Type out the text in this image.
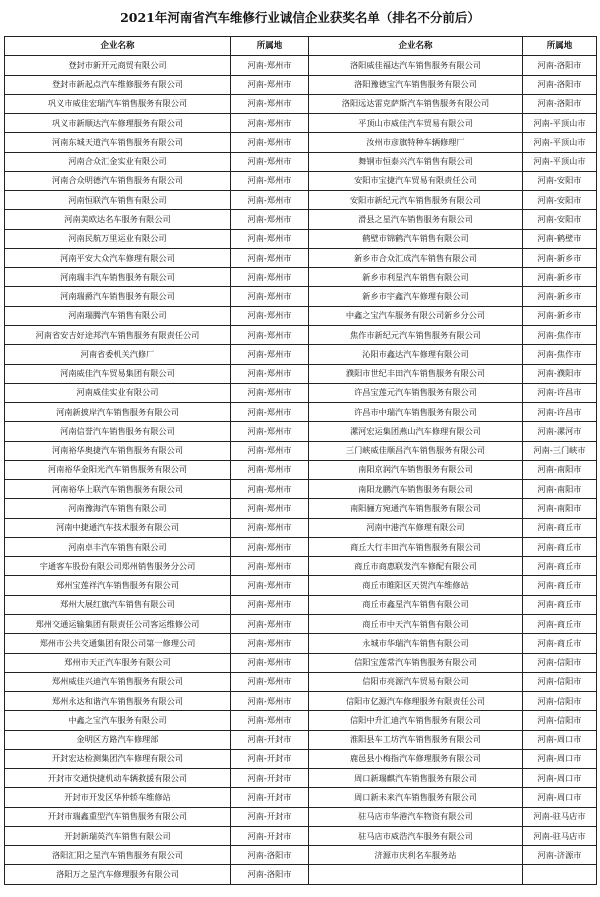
2021年河南省汽车维修行业诚信企业获奖名单（排名不分前后）
企业名称	所属地	企业名称	所属地
登封市新开元商贸有限公司	河南-郑州市	洛阳威佳福达汽车销售服务有限公司	河南-洛阳市
登封市新起点汽车维修服务有限公司	河南-郑州市	洛阳豫德宝汽车销售服务有限公司	河南-洛阳市
巩义市威佳宏瑞汽车销售服务有限公司	河南-郑州市	洛阳远达雷克萨斯汽车销售服务有限公司	河南-洛阳市
巩义市新顺达汽车修理服务有限公司	河南-郑州市	平顶山市威佳汽车贸易有限公司	河南-平顶山市
河南东城天道汽车销售服务有限公司	河南-郑州市	汝州市彦旗特种车辆修理厂	河南-平顶山市
河南合众汇金实业有限公司	河南-郑州市	舞钢市恒泰兴汽车销售有限公司	河南-平顶山市
河南合众明德汽车销售服务有限公司	河南-郑州市	安阳市宝捷汽车贸易有限责任公司	河南-安阳市
河南恒联汽车销售有限公司	河南-郑州市	安阳市新纪元汽车销售服务有限公司	河南-安阳市
河南美欧达名车服务有限公司	河南-郑州市	滑县之星汽车销售服务有限公司	河南-安阳市
河南民航万里运业有限公司	河南-郑州市	鹤壁市锦鹤汽车销售有限公司	河南-鹤壁市
河南平安大众汽车修理有限公司	河南-郑州市	新乡市合众汇成汽车销售有限公司	河南-新乡市
河南瑞丰汽车销售服务有限公司	河南-郑州市	新乡市利星汽车销售有限公司	河南-新乡市
河南瑞爵汽车销售服务有限公司	河南-郑州市	新乡市宇鑫汽车修理有限公司	河南-新乡市
河南瑞腾汽车销售有限公司	河南-郑州市	中鑫之宝汽车服务有限公司新乡分公司	河南-新乡市
河南省安吉好途邦汽车销售服务有限责任公司	河南-郑州市	焦作市新纪元汽车销售服务有限公司	河南-焦作市
河南省委机关汽修厂	河南-郑州市	沁阳市鑫达汽车修理有限公司	河南-焦作市
河南威佳汽车贸易集团有限公司	河南-郑州市	濮阳市世纪丰田汽车销售服务有限公司	河南-濮阳市
河南威佳实业有限公司	河南-郑州市	许昌宝莲元汽车销售服务有限公司	河南-许昌市
河南新披岸汽车销售服务有限公司	河南-郑州市	许昌市中瑞汽车销售服务有限公司	河南-许昌市
河南信誉汽车销售服务有限公司	河南-郑州市	漯河宏运集团燕山汽车修理有限公司	河南-漯河市
河南裕华奥捷汽车销售服务有限公司	河南-郑州市	三门峡威佳顺昌汽车销售服务有限公司	河南-三门峡市
河南裕华金阳光汽车销售服务有限公司	河南-郑州市	南阳京润汽车销售服务有限公司	河南-南阳市
河南裕华上联汽车销售服务有限公司	河南-郑州市	南阳龙鹏汽车销售服务有限公司	河南-南阳市
河南豫海汽车销售有限公司	河南-郑州市	南阳骊方宛通汽车销售服务有限公司	河南-南阳市
河南中捷通汽车技术服务有限公司	河南-郑州市	河南中港汽车修理有限公司	河南-商丘市
河南卓丰汽车销售有限公司	河南-郑州市	商丘大行丰田汽车销售服务有限公司	河南-商丘市
宇通客车股份有限公司郑州销售服务分公司	河南-郑州市	商丘市商惠联发汽车修配有限公司	河南-商丘市
郑州宝莲祥汽车销售服务有限公司	河南-郑州市	商丘市睢阳区天贺汽车维修站	河南-商丘市
郑州大展红旗汽车销售有限公司	河南-郑州市	商丘市鑫星汽车销售有限公司	河南-商丘市
郑州交通运输集团有限责任公司客运维修公司	河南-郑州市	商丘市中天汽车销售有限公司	河南-商丘市
郑州市公共交通集团有限公司第一修理公司	河南-郑州市	永城市华瑞汽车销售有限公司	河南-商丘市
郑州市天正汽车服务有限公司	河南-郑州市	信阳宝莲常汽车销售服务有限公司	河南-信阳市
郑州威佳兴迪汽车销售服务有限公司	河南-郑州市	信阳市亮源汽车贸易有限公司	河南-信阳市
郑州永达和谐汽车销售服务有限公司	河南-郑州市	信阳市亿源汽车修理服务有限责任公司	河南-信阳市
中鑫之宝汽车服务有限公司	河南-郑州市	信阳中升汇迪汽车销售服务有限公司	河南-信阳市
金明区方路汽车修理部	河南-开封市	淮阳县车工坊汽车销售服务有限公司	河南-周口市
开封宏达检测集团汽车修理有限公司	河南-开封市	鹿邑县小梅指汽车修理服务有限公司	河南-周口市
开封市交通快捷机动车辆救援有限公司	河南-开封市	周口新瑞麒汽车销售服务有限公司	河南-周口市
开封市开发区华仲轿车维修站	河南-开封市	周口新未来汽车销售服务有限公司	河南-周口市
开封市瑞鑫重型汽车销售服务有限公司	河南-开封市	驻马店市华港汽车物资有限公司	河南-驻马店市
开封新瑞英汽车销售有限公司	河南-开封市	驻马店市威浩汽车服务有限公司	河南-驻马店市
洛阳汇阳之星汽车销售服务有限公司	河南-洛阳市	济源市庆利名车服务站	河南-济源市
洛阳万之星汽车修理服务有限公司	河南-洛阳市		
